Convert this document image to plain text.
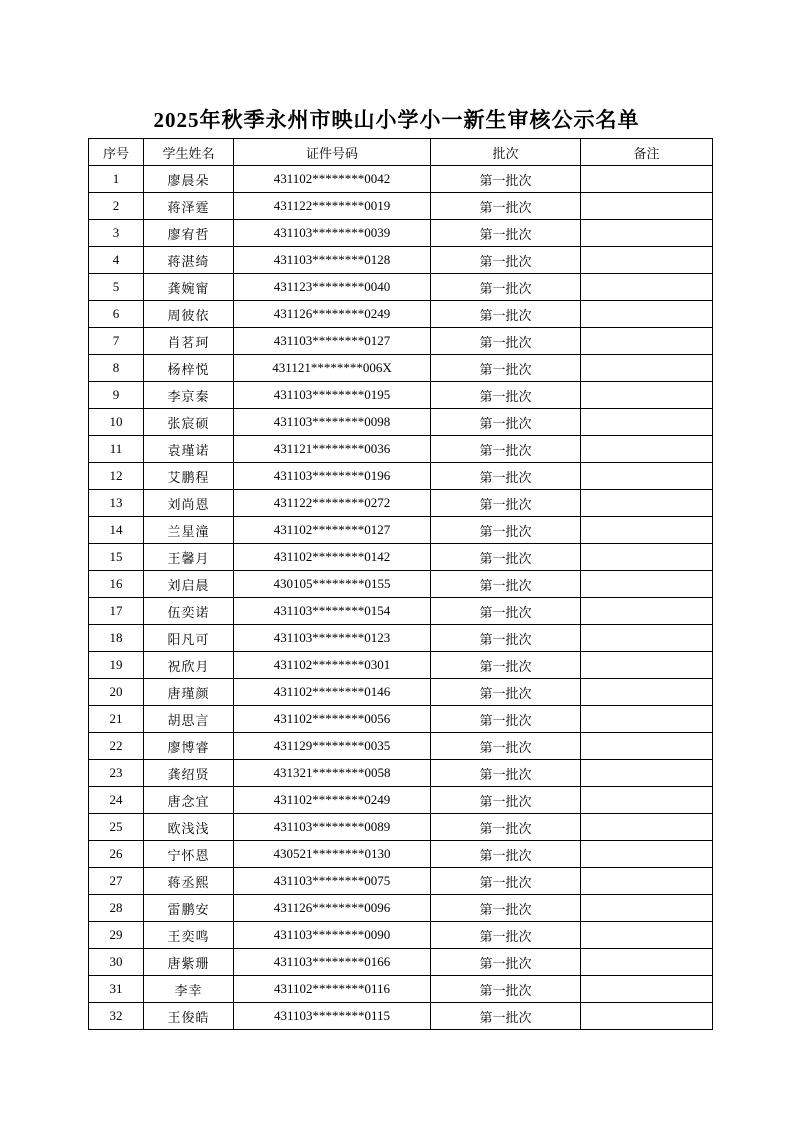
2025年秋季永州市映山小学小一新生审核公示名单
序号	学生姓名	证件号码	批次	备注
1	廖晨朵	431102********0042	第一批次	
2	蒋泽霆	431122********0019	第一批次	
3	廖宥哲	431103********0039	第一批次	
4	蒋湛绮	431103********0128	第一批次	
5	龚婉甯	431123********0040	第一批次	
6	周彼依	431126********0249	第一批次	
7	肖茗珂	431103********0127	第一批次	
8	杨梓悦	431121********006X	第一批次	
9	李京秦	431103********0195	第一批次	
10	张宸硕	431103********0098	第一批次	
11	袁瑾诺	431121********0036	第一批次	
12	艾鹏程	431103********0196	第一批次	
13	刘尚恩	431122********0272	第一批次	
14	兰星潼	431102********0127	第一批次	
15	王馨月	431102********0142	第一批次	
16	刘启晨	430105********0155	第一批次	
17	伍奕诺	431103********0154	第一批次	
18	阳凡可	431103********0123	第一批次	
19	祝欣月	431102********0301	第一批次	
20	唐瑾颜	431102********0146	第一批次	
21	胡思言	431102********0056	第一批次	
22	廖博睿	431129********0035	第一批次	
23	龚绍贤	431321********0058	第一批次	
24	唐念宜	431102********0249	第一批次	
25	欧浅浅	431103********0089	第一批次	
26	宁怀恩	430521********0130	第一批次	
27	蒋丞熙	431103********0075	第一批次	
28	雷鹏安	431126********0096	第一批次	
29	王奕鸣	431103********0090	第一批次	
30	唐紫珊	431103********0166	第一批次	
31	李幸	431102********0116	第一批次	
32	王俊皓	431103********0115	第一批次	
